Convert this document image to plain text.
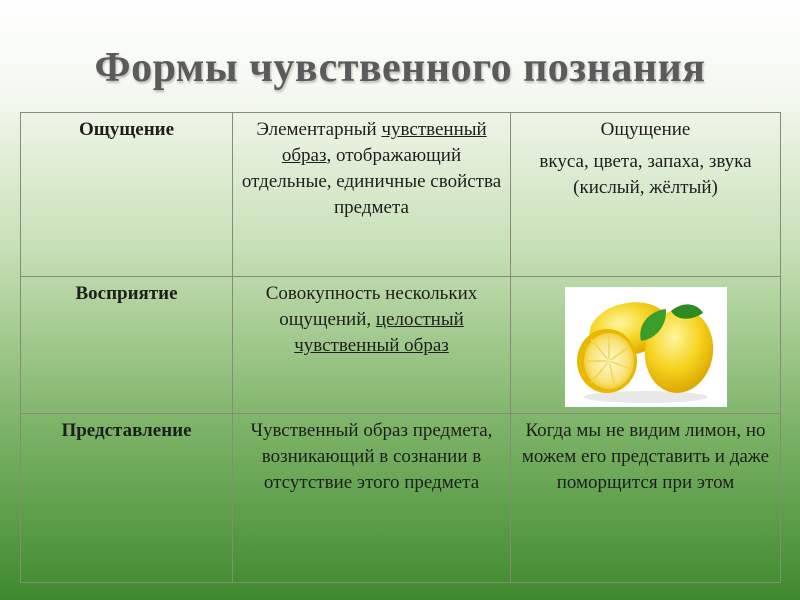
Формы чувственного познания
Ощущение	Элементарный чувственный образ, отображающий отдельные, единичные свойства предмета	Ощущение
вкуса, цвета, запаха, звука (кислый, жёлтый)

Восприятие	Совокупность нескольких ощущений, целостный чувственный образ	

Представление	Чувственный образ предмета, возникающий в сознании в отсутствие этого предмета	Когда мы не видим лимон, но можем его представить и даже поморщится при этом
